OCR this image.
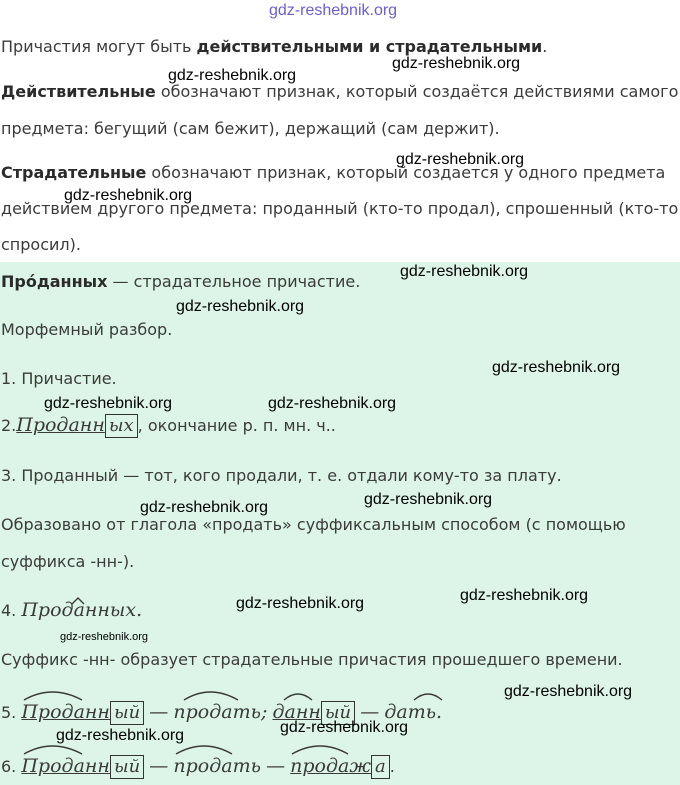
gdz-reshebnik.org
Причастия могут быть действительными и страдательными.
Действительные обозначают признак, который создаётся действиями самого
предмета: бегущий (сам бежит), держащий (сам держит).
Страдательные обозначают признак, который создается у одного предмета
действием другого предмета: проданный (кто-то продал), спрошенный (кто-то
спросил).
Про́данных — страдательное причастие.
Морфемный разбор.
1. Причастие.
2.Проданн ых , окончание р. п. мн. ч..
3. Проданный — тот, кого продали, т. е. отдали кому-то за плату.
Образовано от глагола «продать» суффиксальным способом (с помощью
суффикса -нн-).
4. Проданных.
Суффикс -нн- образует страдательные причастия прошедшего времени.
5. Проданн ый — продать; данн ый — дать.
6. Проданн ый — продать — продаж а .
gdz-reshebnik.org
gdz-reshebnik.org
gdz-reshebnik.org
gdz-reshebnik.org
gdz-reshebnik.org
gdz-reshebnik.org
gdz-reshebnik.org
gdz-reshebnik.org	gdz-reshebnik.org
gdz-reshebnik.org	gdz-reshebnik.org
gdz-reshebnik.org	gdz-reshebnik.org
gdz-reshebnik.org
gdz-reshebnik.org
gdz-reshebnik.org	gdz-reshebnik.org
